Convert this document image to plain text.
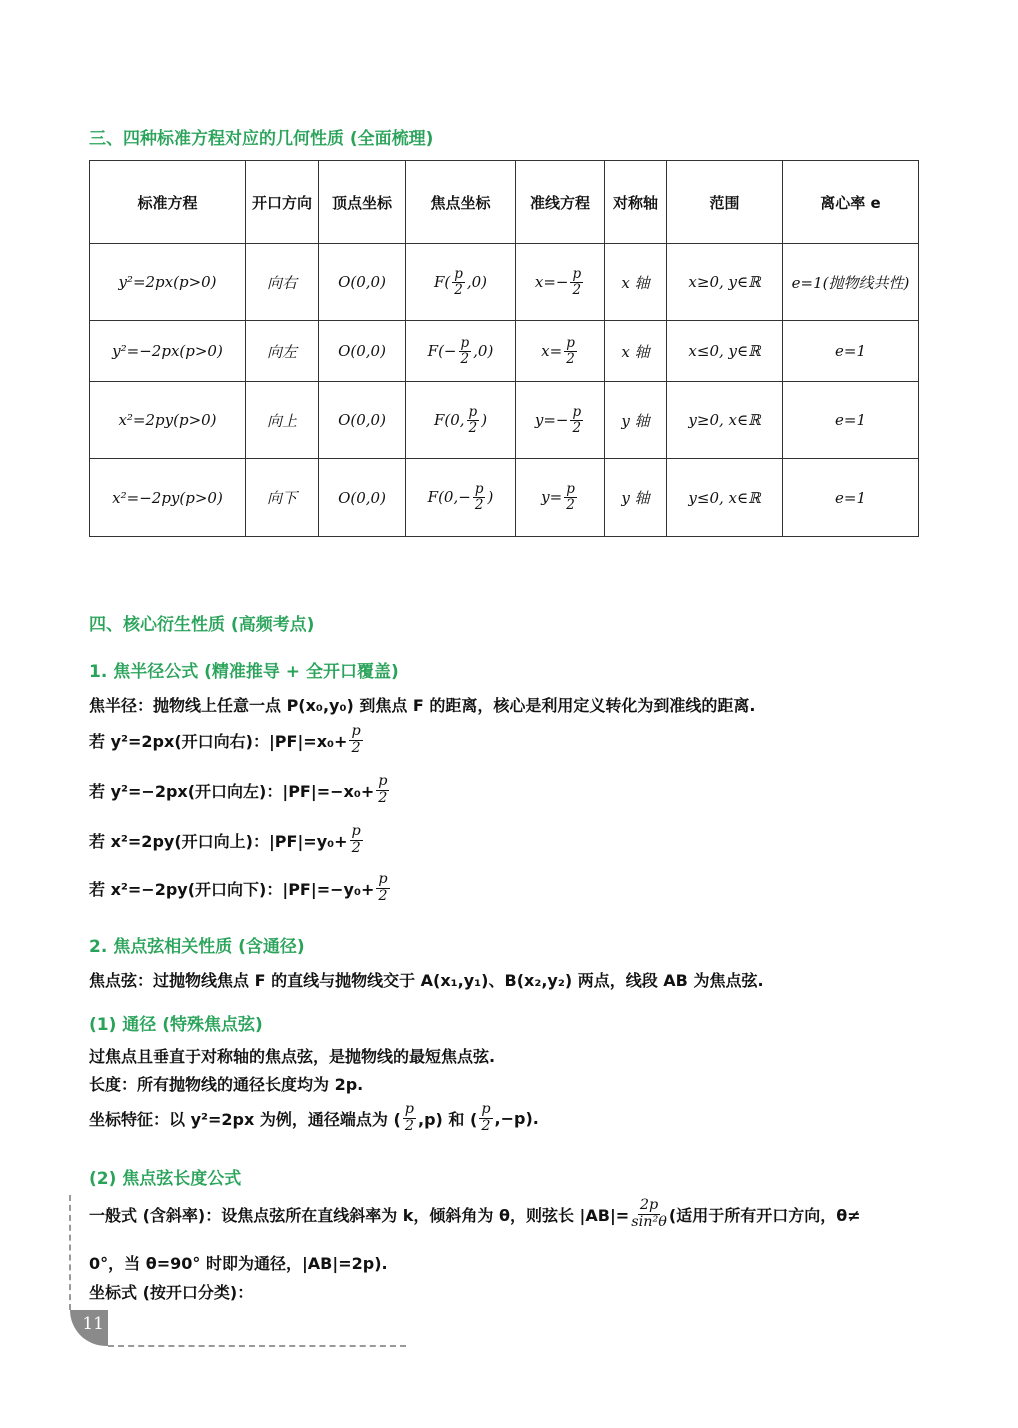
三、四种标准方程对应的几何性质 (全面梳理)
标准方程	开口方向	顶点坐标	焦点坐标	准线方程	对称轴	范围	离心率 e
y²=2px(p>0)	向右	O(0,0)	$F( \frac{p}{2} ,0)$	$x=- \frac{p}{2}$	x 轴	x≥0, y∈ℝ	e=1(抛物线共性)
y²=−2px(p>0)	向左	O(0,0)	$F(- \frac{p}{2} ,0)$	$x= \frac{p}{2}$	x 轴	x≤0, y∈ℝ	e=1
x²=2py(p>0)	向上	O(0,0)	F(0, $\frac{p}{2}$ )	$y=- \frac{p}{2}$	y 轴	y≥0, x∈ℝ	e=1
x²=−2py(p>0)	向下	O(0,0)	$F(0,- \frac{p}{2}$ )	$y= \frac{p}{2}$	y 轴	y≤0, x∈ℝ	e=1
四、核心衍生性质 (高频考点)
1. 焦半径公式 (精准推导 + 全开口覆盖)
焦半径：抛物线上任意一点 P(x₀,y₀) 到焦点 F 的距离，核心是利用定义转化为到准线的距离.
若 y²=2px(开口向右)：$|PF|=x_0+ \frac{p}{2}$
若 y²=−2px(开口向左)：$|PF|=-x_0+ \frac{p}{2}$
若 x²=2py(开口向上)：$|PF|=y_0+ \frac{p}{2}$
若 x²=−2py(开口向下)：$|PF|=-y_0+ \frac{p}{2}$
2. 焦点弦相关性质 (含通径)
焦点弦：过抛物线焦点 F 的直线与抛物线交于 A(x₁,y₁)、B(x₂,y₂) 两点，线段 AB 为焦点弦.
(1) 通径 (特殊焦点弦)
过焦点且垂直于对称轴的焦点弦，是抛物线的最短焦点弦.
长度：所有抛物线的通径长度均为 2p.
坐标特征：以 y²=2px 为例，通径端点为 ( $\frac{p}{2} ,p$) 和 ( $\frac{p}{2} ,-p$).
(2) 焦点弦长度公式
一般式 (含斜率)：设焦点弦所在直线斜率为 k，倾斜角为 θ，则弦长 $|AB|= \frac{2p}{\text{sin²θ}}$ (适用于所有开口方向，θ≠
0°，当 θ=90° 时即为通径，|AB|=2p).
坐标式 (按开口分类)：
11
